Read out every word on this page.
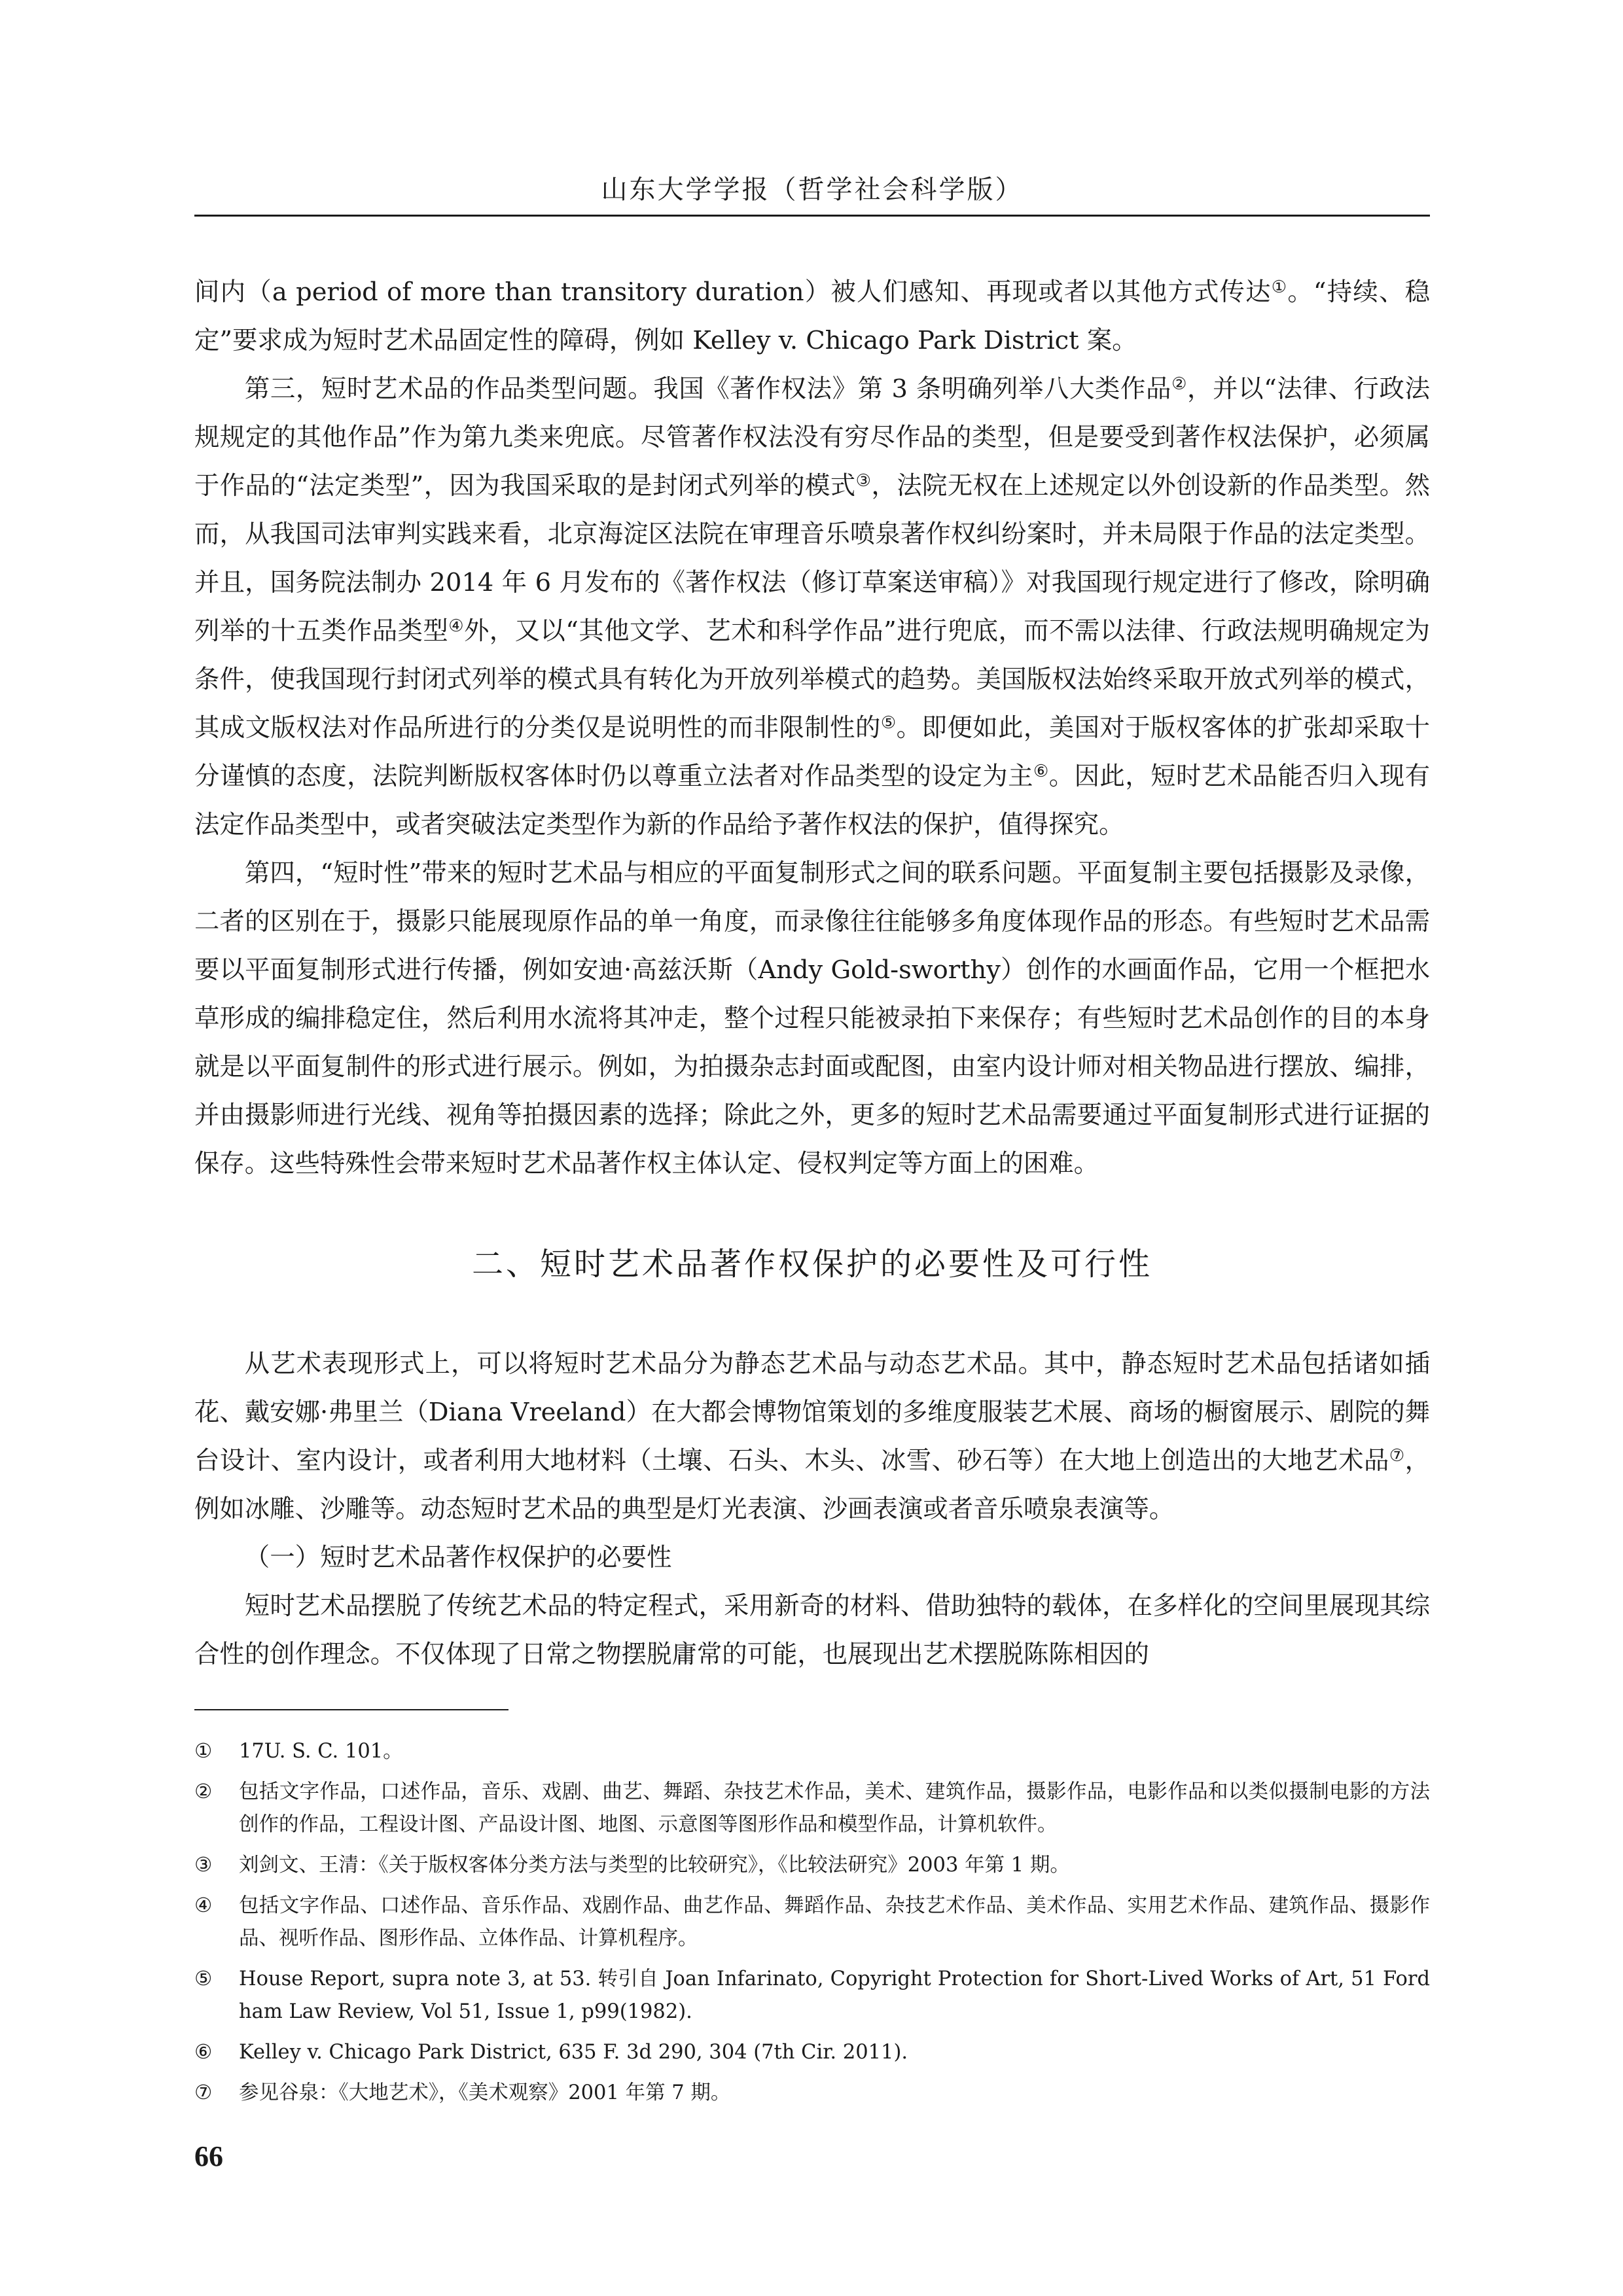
山东大学学报（哲学社会科学版）

间内（a period of more than transitory duration）被人们感知、再现或者以其他方式传达①。“持续、稳定”要求成为短时艺术品固定性的障碍，例如 Kelley v. Chicago Park District 案。

第三，短时艺术品的作品类型问题。我国《著作权法》第 3 条明确列举八大类作品②，并以“法律、行政法规规定的其他作品”作为第九类来兜底。尽管著作权法没有穷尽作品的类型，但是要受到著作权法保护，必须属于作品的“法定类型”，因为我国采取的是封闭式列举的模式③，法院无权在上述规定以外创设新的作品类型。然而，从我国司法审判实践来看，北京海淀区法院在审理音乐喷泉著作权纠纷案时，并未局限于作品的法定类型。并且，国务院法制办 2014 年 6 月发布的《著作权法（修订草案送审稿）》对我国现行规定进行了修改，除明确列举的十五类作品类型④外，又以“其他文学、艺术和科学作品”进行兜底，而不需以法律、行政法规明确规定为条件，使我国现行封闭式列举的模式具有转化为开放列举模式的趋势。美国版权法始终采取开放式列举的模式，其成文版权法对作品所进行的分类仅是说明性的而非限制性的⑤。即便如此，美国对于版权客体的扩张却采取十分谨慎的态度，法院判断版权客体时仍以尊重立法者对作品类型的设定为主⑥。因此，短时艺术品能否归入现有法定作品类型中，或者突破法定类型作为新的作品给予著作权法的保护，值得探究。

第四，“短时性”带来的短时艺术品与相应的平面复制形式之间的联系问题。平面复制主要包括摄影及录像，二者的区别在于，摄影只能展现原作品的单一角度，而录像往往能够多角度体现作品的形态。有些短时艺术品需要以平面复制形式进行传播，例如安迪·高兹沃斯（Andy Gold-sworthy）创作的水画面作品，它用一个框把水草形成的编排稳定住，然后利用水流将其冲走，整个过程只能被录拍下来保存；有些短时艺术品创作的目的本身就是以平面复制件的形式进行展示。例如，为拍摄杂志封面或配图，由室内设计师对相关物品进行摆放、编排，并由摄影师进行光线、视角等拍摄因素的选择；除此之外，更多的短时艺术品需要通过平面复制形式进行证据的保存。这些特殊性会带来短时艺术品著作权主体认定、侵权判定等方面上的困难。

二、短时艺术品著作权保护的必要性及可行性

从艺术表现形式上，可以将短时艺术品分为静态艺术品与动态艺术品。其中，静态短时艺术品包括诸如插花、戴安娜·弗里兰（Diana Vreeland）在大都会博物馆策划的多维度服装艺术展、商场的橱窗展示、剧院的舞台设计、室内设计，或者利用大地材料（土壤、石头、木头、冰雪、砂石等）在大地上创造出的大地艺术品⑦，例如冰雕、沙雕等。动态短时艺术品的典型是灯光表演、沙画表演或者音乐喷泉表演等。

（一）短时艺术品著作权保护的必要性

短时艺术品摆脱了传统艺术品的特定程式，采用新奇的材料、借助独特的载体，在多样化的空间里展现其综合性的创作理念。不仅体现了日常之物摆脱庸常的可能，也展现出艺术摆脱陈陈相因的

① 17U. S. C. 101。
② 包括文字作品，口述作品，音乐、戏剧、曲艺、舞蹈、杂技艺术作品，美术、建筑作品，摄影作品，电影作品和以类似摄制电影的方法创作的作品，工程设计图、产品设计图、地图、示意图等图形作品和模型作品，计算机软件。
③ 刘剑文、王清：《关于版权客体分类方法与类型的比较研究》，《比较法研究》2003 年第 1 期。
④ 包括文字作品、口述作品、音乐作品、戏剧作品、曲艺作品、舞蹈作品、杂技艺术作品、美术作品、实用艺术作品、建筑作品、摄影作品、视听作品、图形作品、立体作品、计算机程序。
⑤ House Report, supra note 3, at 53. 转引自 Joan Infarinato, Copyright Protection for Short-Lived Works of Art, 51 Fordham Law Review, Vol 51, Issue 1, p99(1982).
⑥ Kelley v. Chicago Park District, 635 F. 3d 290, 304 (7th Cir. 2011).
⑦ 参见谷泉：《大地艺术》，《美术观察》2001 年第 7 期。
66
